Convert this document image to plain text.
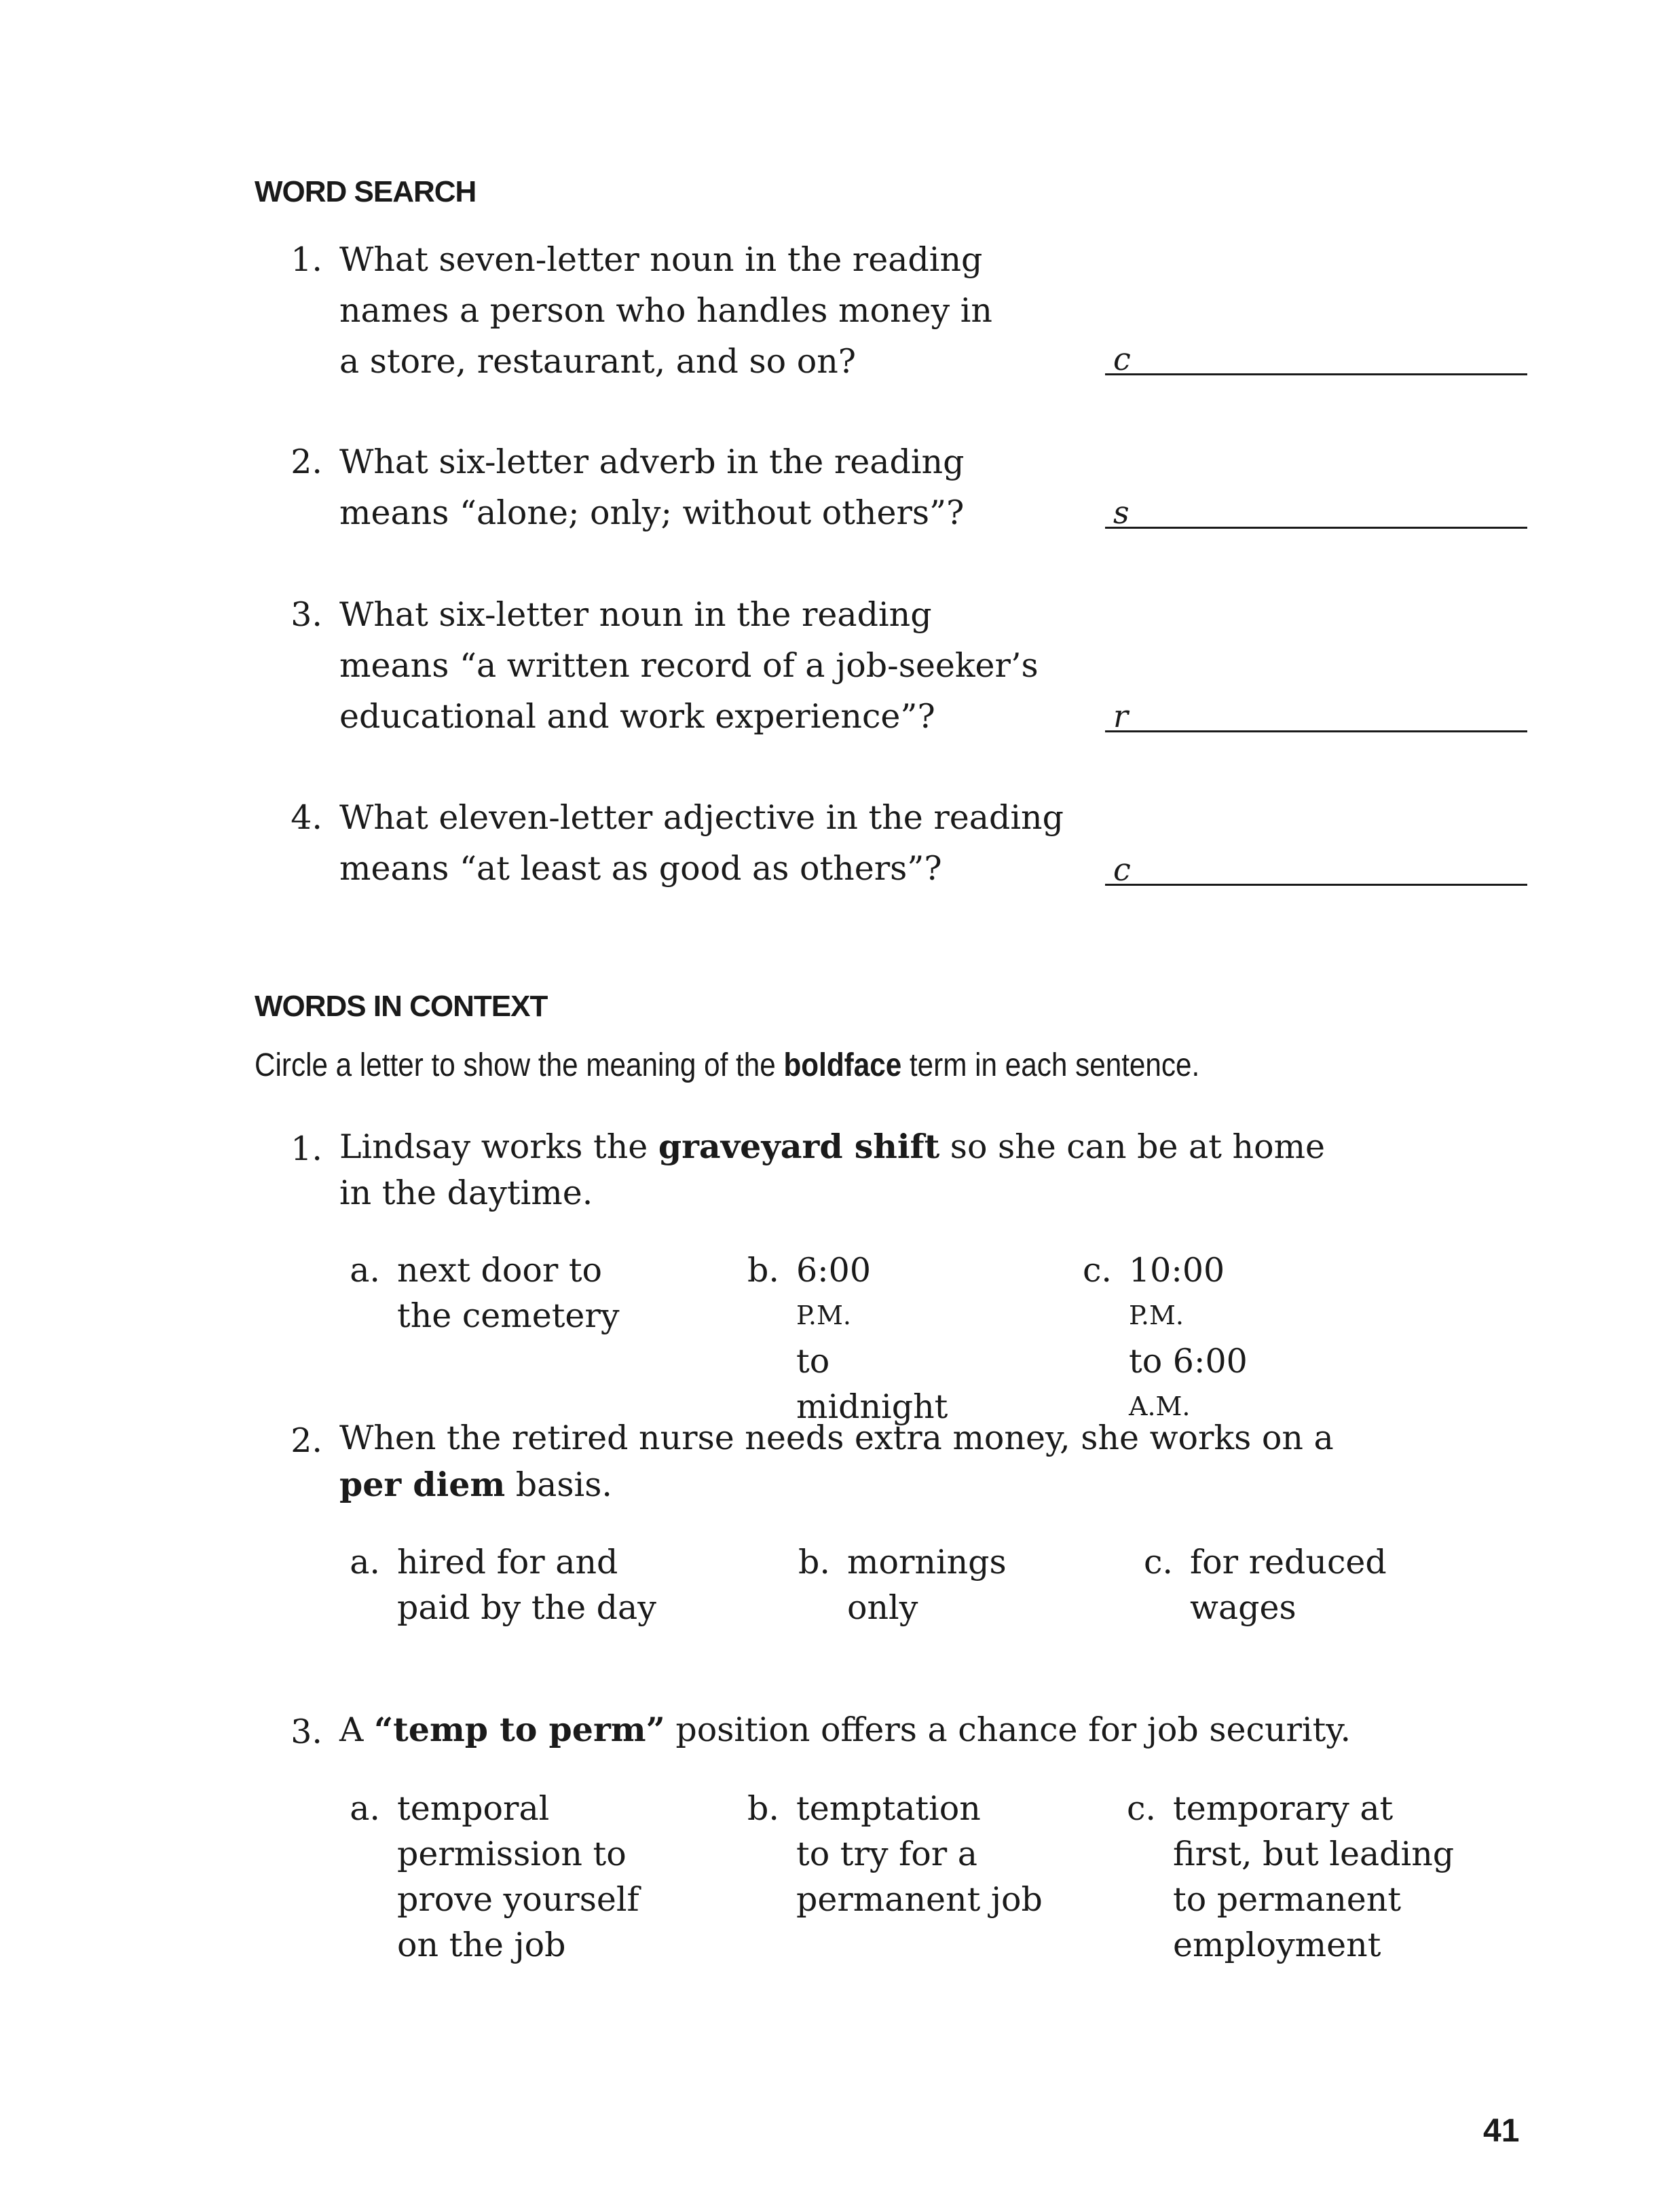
WORD SEARCH
1. What seven-letter noun in the reading
names a person who handles money in
a store, restaurant, and so on?	c
2. What six-letter adverb in the reading
means “alone; only; without others”?	s
3. What six-letter noun in the reading
means “a written record of a job-seeker’s
educational and work experience”?	r
4. What eleven-letter adjective in the reading
means “at least as good as others”?	c
WORDS IN CONTEXT
Circle a letter to show the meaning of the boldface term in each sentence.
1. Lindsay works the graveyard shift so she can be at home
in the daytime.
a. next door to
the cemetery
b. 6:00
P.M.
to
midnight
c. 10:00
P.M.
to 6:00
A.M.
2. When the retired nurse needs extra money, she works on a
per diem basis.
a. hired for and
paid by the day
b. mornings
only
c. for reduced
wages
3. A “temp to perm” position offers a chance for job security.
a. temporal
permission to
prove yourself
on the job
b. temptation
to try for a
permanent job
c. temporary at
first, but leading
to permanent
employment
41
